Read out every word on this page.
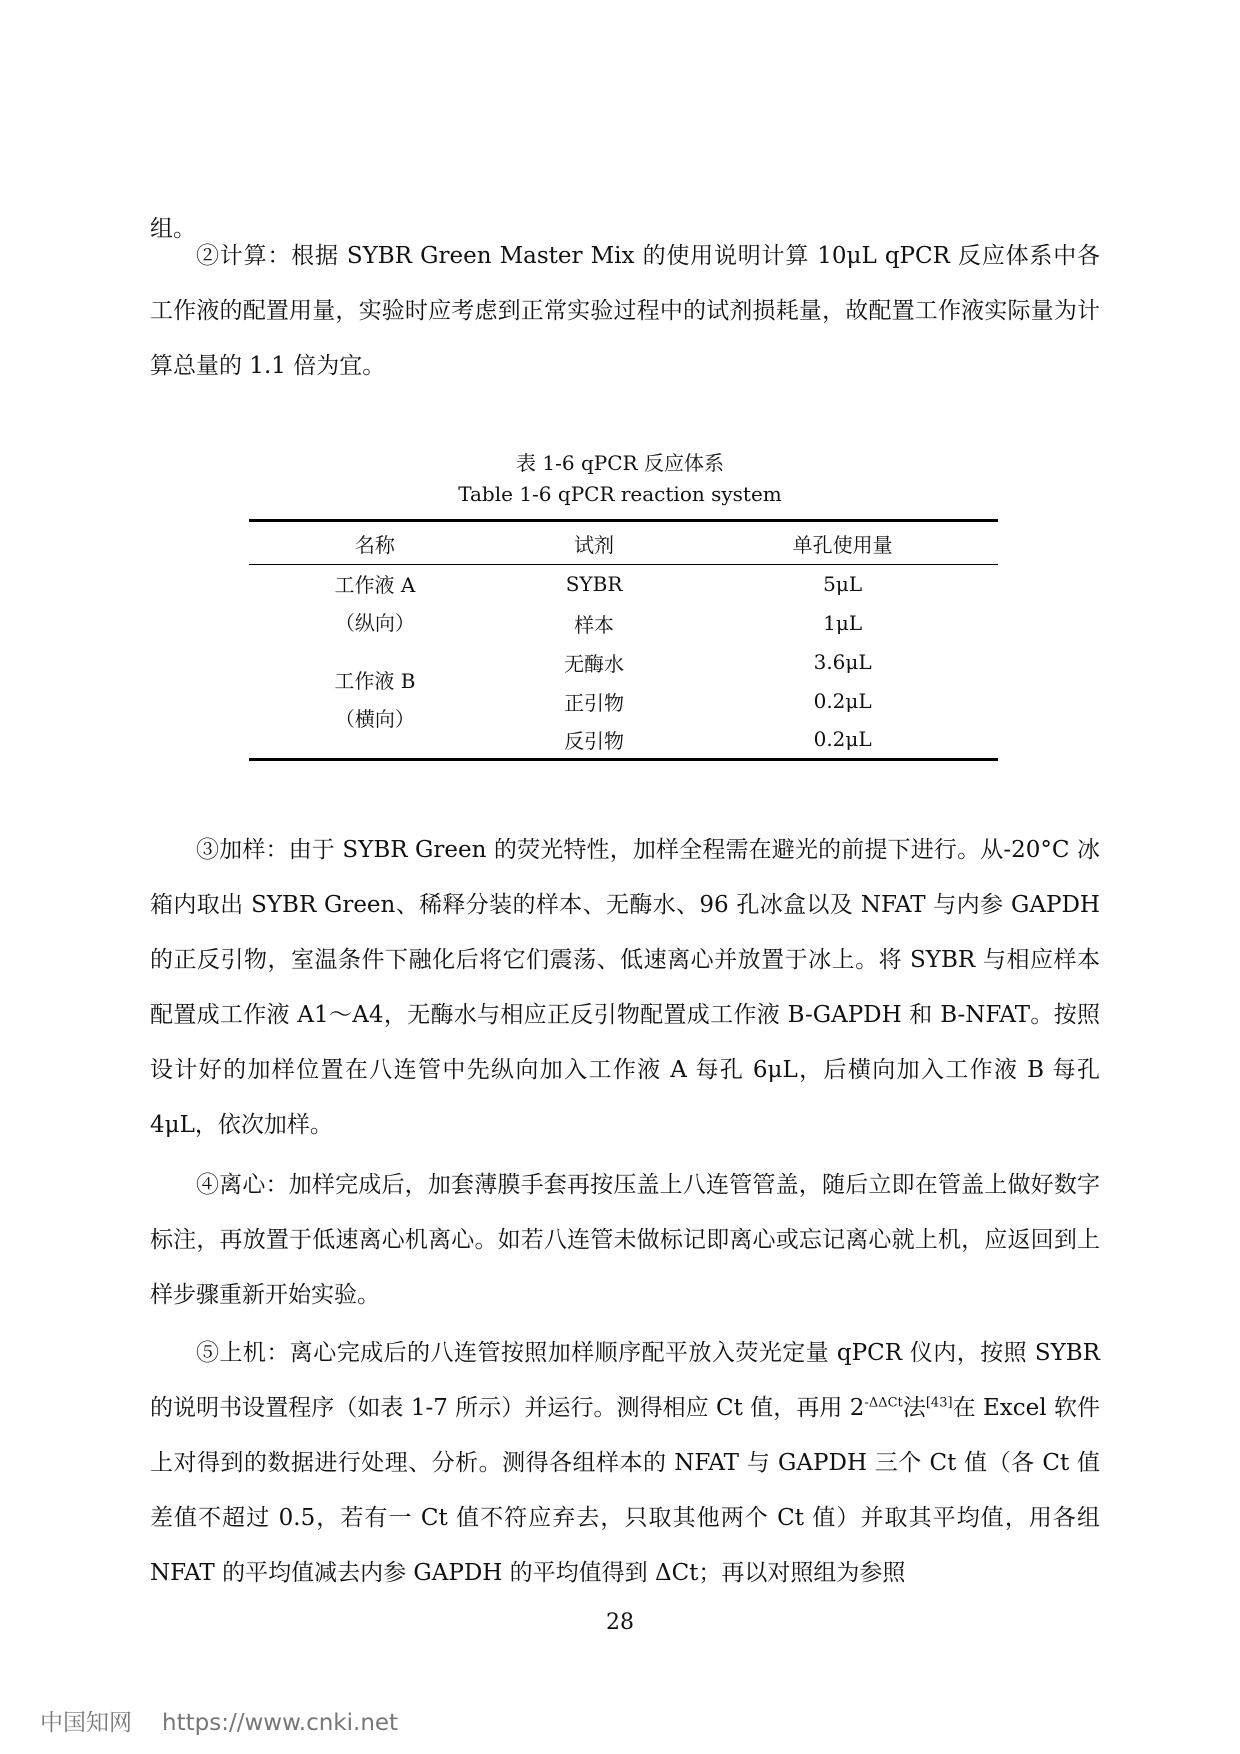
组。

②计算：根据 SYBR Green Master Mix 的使用说明计算 10μL qPCR 反应体系中各工作液的配置用量，实验时应考虑到正常实验过程中的试剂损耗量，故配置工作液实际量为计算总量的 1.1 倍为宜。

表 1-6 qPCR 反应体系

Table 1-6 qPCR reaction system

名称	试剂	单孔使用量

工作液 A
（纵向）	SYBR	5μL
	样本	1μL

工作液 B
（横向）	无酶水	3.6μL
	正引物	0.2μL
	反引物	0.2μL

③加样：由于 SYBR Green 的荧光特性，加样全程需在避光的前提下进行。从-20°C 冰箱内取出 SYBR Green、稀释分装的样本、无酶水、96 孔冰盒以及 NFAT 与内参 GAPDH 的正反引物，室温条件下融化后将它们震荡、低速离心并放置于冰上。将 SYBR 与相应样本配置成工作液 A1～A4，无酶水与相应正反引物配置成工作液 B-GAPDH 和 B-NFAT。按照设计好的加样位置在八连管中先纵向加入工作液 A 每孔 6μL，后横向加入工作液 B 每孔 4μL，依次加样。

④离心：加样完成后，加套薄膜手套再按压盖上八连管管盖，随后立即在管盖上做好数字标注，再放置于低速离心机离心。如若八连管未做标记即离心或忘记离心就上机，应返回到上样步骤重新开始实验。

⑤上机：离心完成后的八连管按照加样顺序配平放入荧光定量 qPCR 仪内，按照 SYBR 的说明书设置程序（如表 1-7 所示）并运行。测得相应 Ct 值，再用 $2^{-\Delta\Delta Ct}$法[43]在 Excel 软件上对得到的数据进行处理、分析。测得各组样本的 NFAT 与 GAPDH 三个 Ct 值（各 Ct 值差值不超过 0.5，若有一 Ct 值不符应弃去，只取其他两个 Ct 值）并取其平均值，用各组 NFAT 的平均值减去内参 GAPDH 的平均值得到 ΔCt；再以对照组为参照

28
中国知网 https://www.cnki.net
